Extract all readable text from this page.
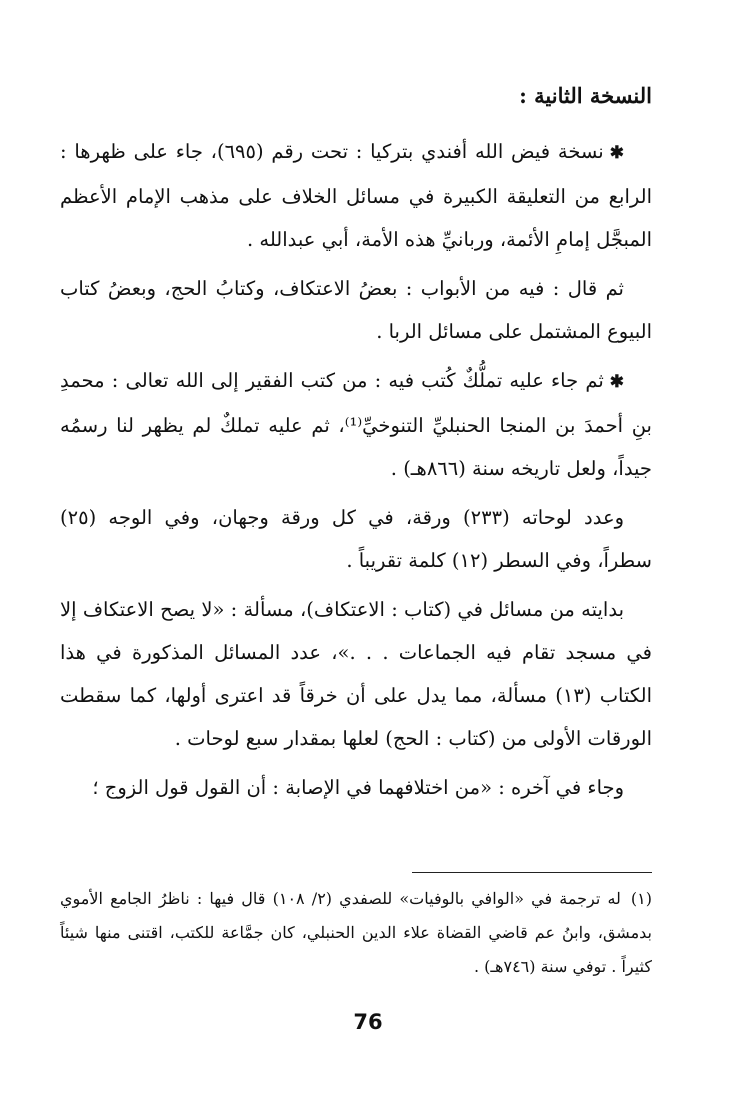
النسخة الثانية :

✱ نسخة فيض الله أفندي بتركيا : تحت رقم (٦٩٥)، جاء على ظهرها : الرابع من التعليقة الكبيرة في مسائل الخلاف على مذهب الإمام الأعظم المبجَّل إمامِ الأئمة، وربانيِّ هذه الأمة، أبي عبدالله .

ثم قال : فيه من الأبواب : بعضُ الاعتكاف، وكتابُ الحج، وبعضُ كتاب البيوع المشتمل على مسائل الربا .

✱ ثم جاء عليه تملُّكٌ كُتب فيه : من كتب الفقير إلى الله تعالى : محمدِ بنِ أحمدَ بن المنجا الحنبليِّ التنوخيِّ⁽¹⁾، ثم عليه تملكٌ لم يظهر لنا رسمُه جيداً، ولعل تاريخه سنة (٨٦٦هـ) .

وعدد لوحاته (٢٣٣) ورقة، في كل ورقة وجهان، وفي الوجه (٢٥) سطراً، وفي السطر (١٢) كلمة تقريباً .

بدايته من مسائل في (كتاب : الاعتكاف)، مسألة : «لا يصح الاعتكاف إلا في مسجد تقام فيه الجماعات . . .»، عدد المسائل المذكورة في هذا الكتاب (١٣) مسألة، مما يدل على أن خرقاً قد اعترى أولها، كما سقطت الورقات الأولى من (كتاب : الحج) لعلها بمقدار سبع لوحات .

وجاء في آخره : «من اختلافهما في الإصابة : أن القول قول الزوج ؛

(١)له ترجمة في «الوافي بالوفيات» للصفدي (٢/ ١٠٨) قال فيها : ناظرُ الجامع الأموي بدمشق، وابنُ عم قاضي القضاة علاء الدين الحنبلي، كان جمَّاعة للكتب، اقتنى منها شيئاً كثيراً . توفي سنة (٧٤٦هـ) .
76
